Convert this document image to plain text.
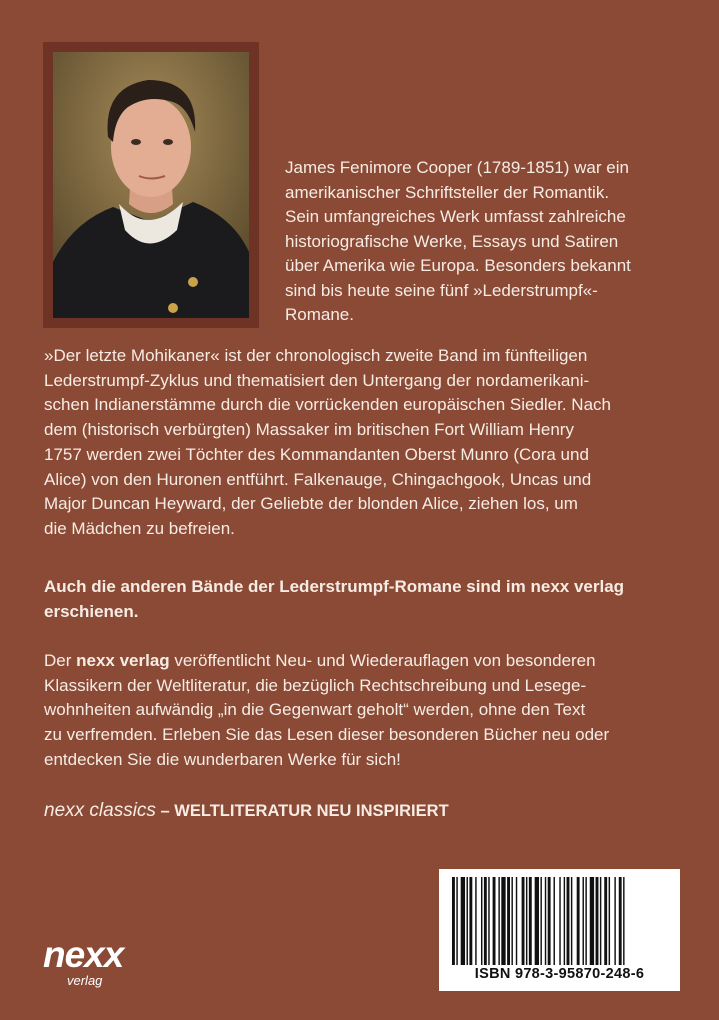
James Fenimore Cooper (1789-1851) war ein
amerikanischer Schriftsteller der Romantik.
Sein umfangreiches Werk umfasst zahlreiche
historiografische Werke, Essays und Satiren
über Amerika wie Europa. Besonders bekannt
sind bis heute seine fünf »Lederstrumpf«-
Romane.

»Der letzte Mohikaner« ist der chronologisch zweite Band im fünfteiligen
Lederstrumpf-Zyklus und thematisiert den Untergang der nordamerikani-
schen Indianerstämme durch die vorrückenden europäischen Siedler. Nach
dem (historisch verbürgten) Massaker im britischen Fort William Henry
1757 werden zwei Töchter des Kommandanten Oberst Munro (Cora und
Alice) von den Huronen entführt. Falkenauge, Chingachgook, Uncas und
Major Duncan Heyward, der Geliebte der blonden Alice, ziehen los, um
die Mädchen zu befreien.

Auch die anderen Bände der Lederstrumpf-Romane sind im nexx verlag
erschienen.

Der nexx verlag veröffentlicht Neu- und Wiederauflagen von besonderen
Klassikern der Weltliteratur, die bezüglich Rechtschreibung und Lesege-
wohnheiten aufwändig „in die Gegenwart geholt“ werden, ohne den Text
zu verfremden. Erleben Sie das Lesen dieser besonderen Bücher neu oder
entdecken Sie die wunderbaren Werke für sich!

nexx classics – WELTLITERATUR NEU INSPIRIERT
ISBN 978-3-95870-248-6
nexx
verlag
